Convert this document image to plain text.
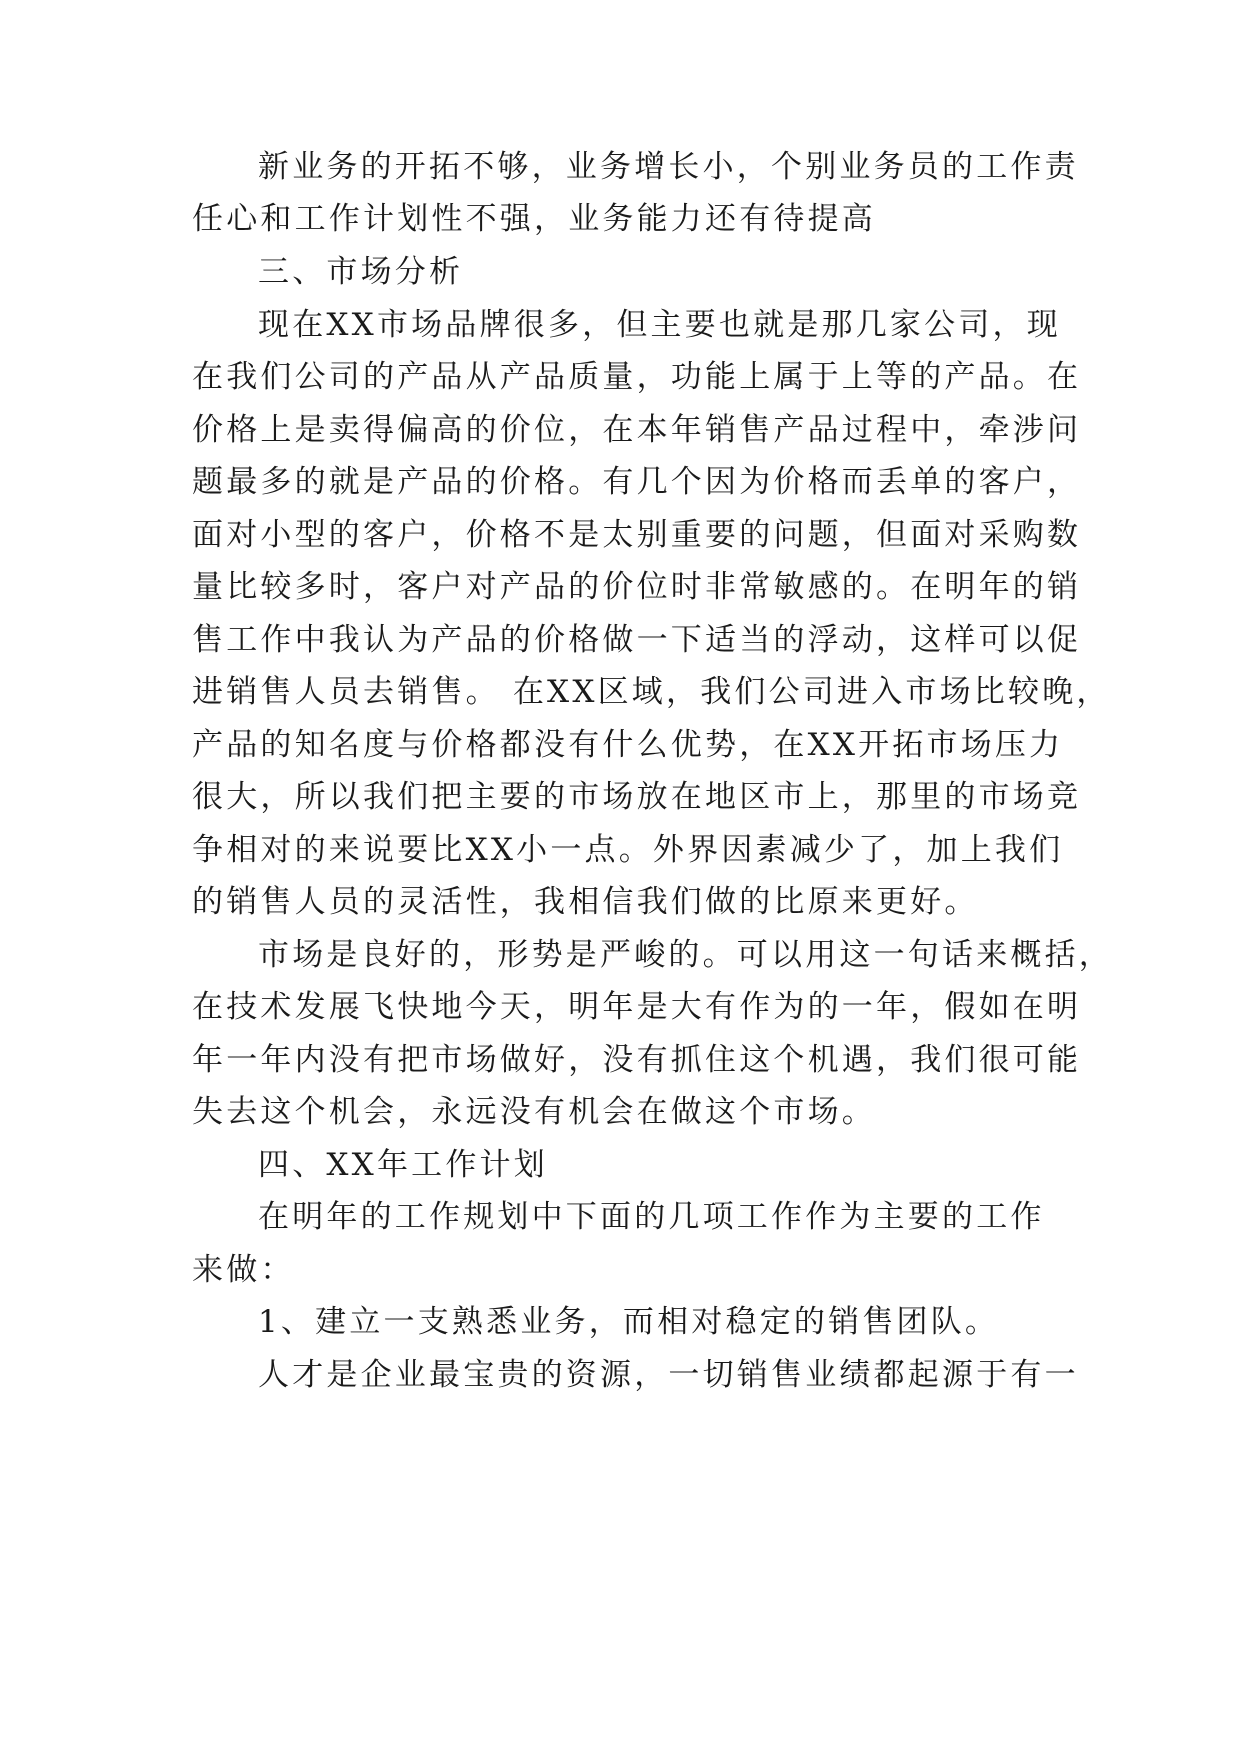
新业务的开拓不够，业务增长小，个别业务员的工作责
任心和工作计划性不强，业务能力还有待提高
三、市场分析
现在XX市场品牌很多，但主要也就是那几家公司，现
在我们公司的产品从产品质量，功能上属于上等的产品。在
价格上是卖得偏高的价位，在本年销售产品过程中，牵涉问
题最多的就是产品的价格。有几个因为价格而丢单的客户，
面对小型的客户，价格不是太别重要的问题，但面对采购数
量比较多时，客户对产品的价位时非常敏感的。在明年的销
售工作中我认为产品的价格做一下适当的浮动，这样可以促
进销售人员去销售。 在XX区域，我们公司进入市场比较晚，
产品的知名度与价格都没有什么优势，在XX开拓市场压力
很大，所以我们把主要的市场放在地区市上，那里的市场竞
争相对的来说要比XX小一点。外界因素减少了，加上我们
的销售人员的灵活性，我相信我们做的比原来更好。
市场是良好的，形势是严峻的。可以用这一句话来概括，
在技术发展飞快地今天，明年是大有作为的一年，假如在明
年一年内没有把市场做好，没有抓住这个机遇，我们很可能
失去这个机会，永远没有机会在做这个市场。
四、XX年工作计划
在明年的工作规划中下面的几项工作作为主要的工作
来做：
1、建立一支熟悉业务，而相对稳定的销售团队。
人才是企业最宝贵的资源，一切销售业绩都起源于有一
